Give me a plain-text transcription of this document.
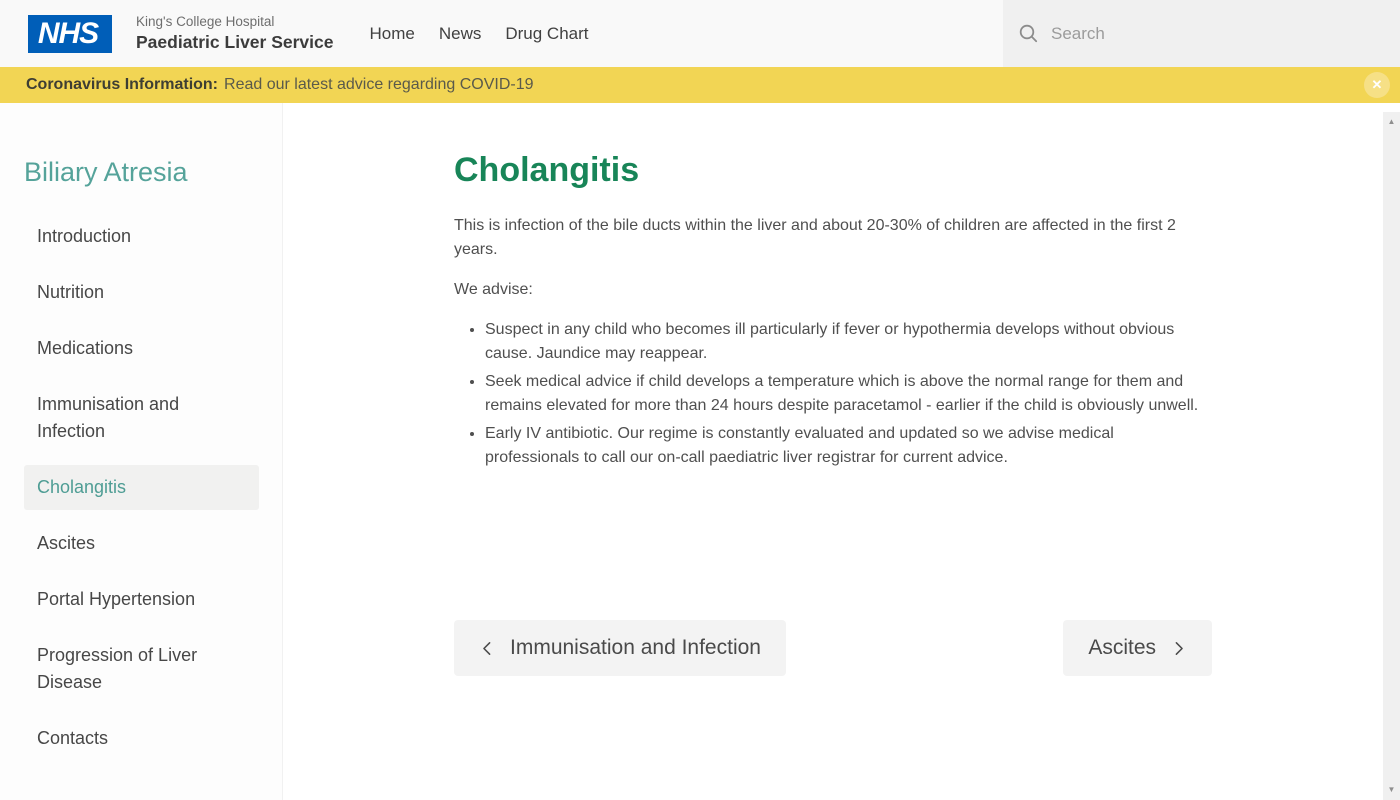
NHS	King's College Hospital
Paediatric Liver Service	Home	News	Drug Chart
Search
Coronavirus Information: Read our latest advice regarding COVID-19	✕
Biliary Atresia
Introduction
Nutrition
Medications
Immunisation and Infection
Cholangitis
Ascites
Portal Hypertension
Progression of Liver Disease
Contacts
Cholangitis

This is infection of the bile ducts within the liver and about 20-30% of children are affected in the first 2 years.

We advise:

• Suspect in any child who becomes ill particularly if fever or hypothermia develops without obvious cause. Jaundice may reappear.
• Seek medical advice if child develops a temperature which is above the normal range for them and remains elevated for more than 24 hours despite paracetamol - earlier if the child is obviously unwell.
• Early IV antibiotic. Our regime is constantly evaluated and updated so we advise medical professionals to call our on-call paediatric liver registrar for current advice.
Immunisation and Infection	Ascites
▲
▼
